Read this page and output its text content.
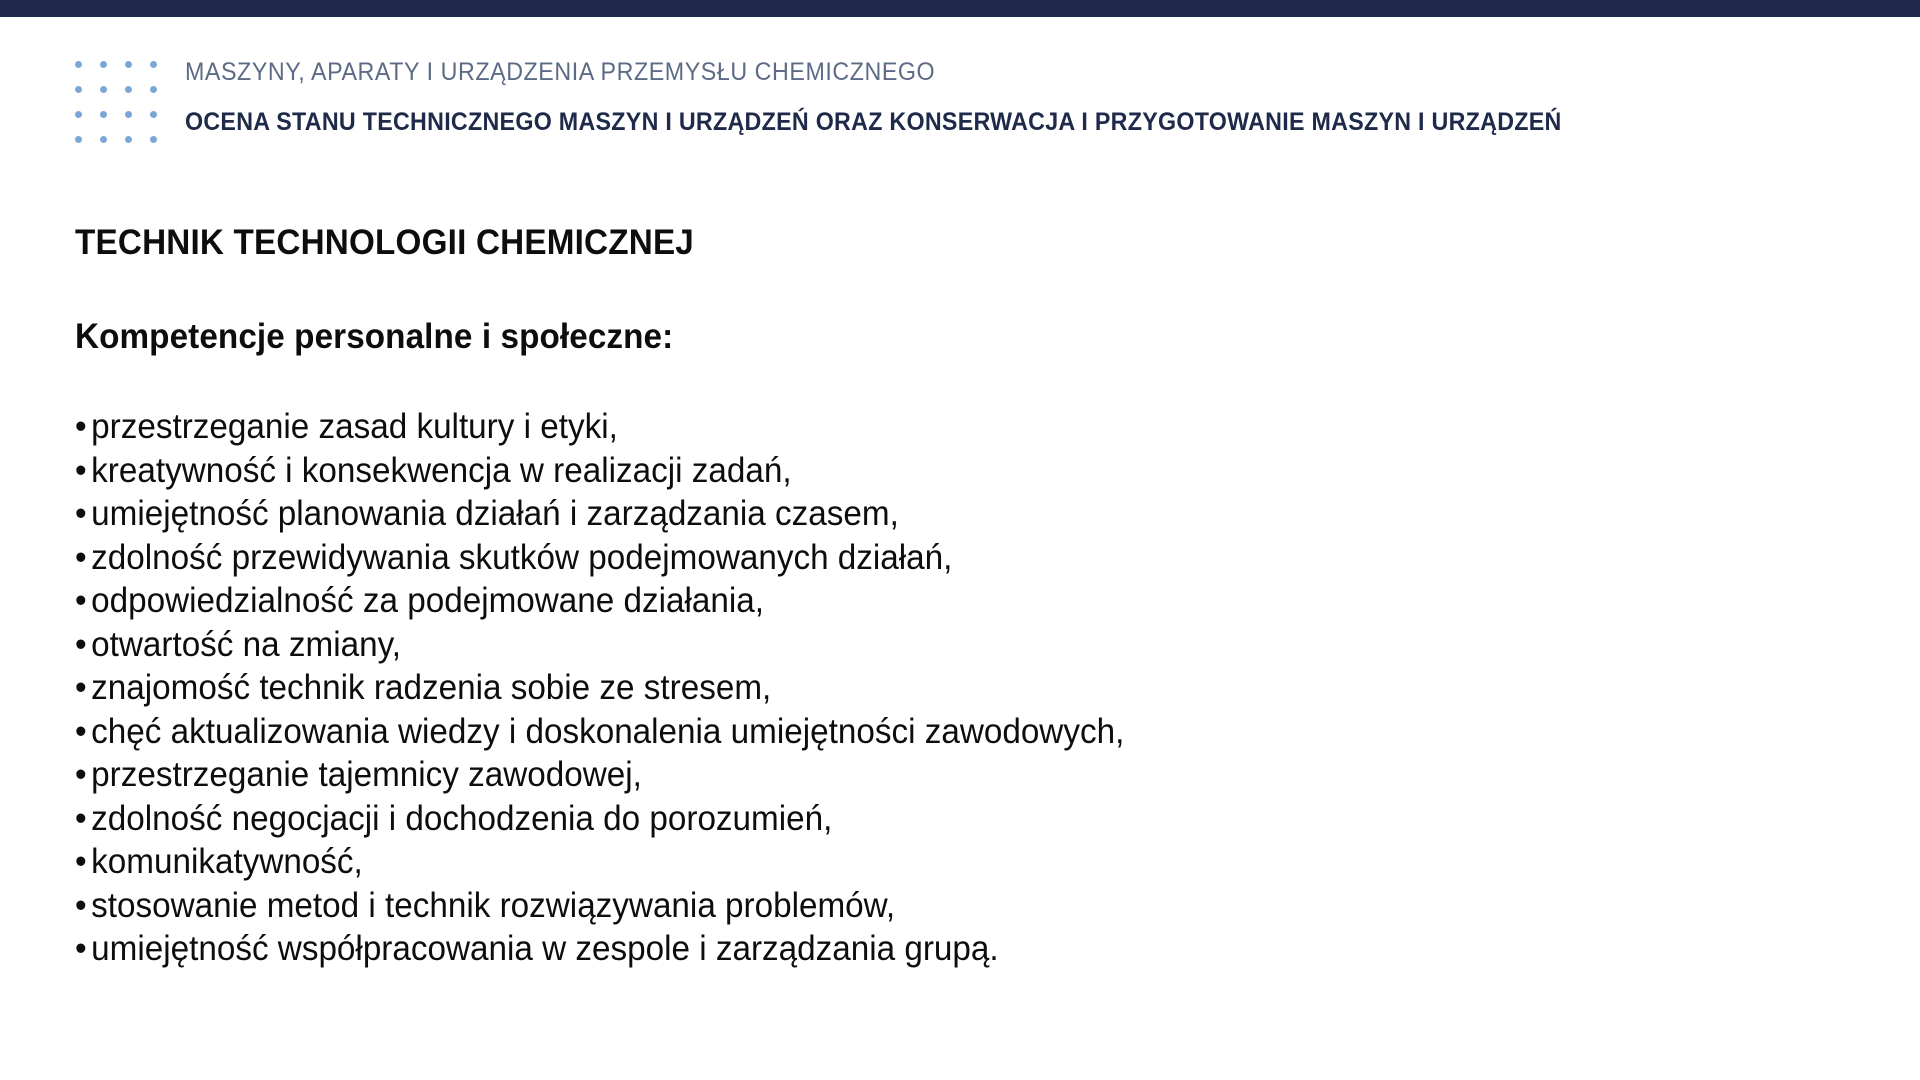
MASZYNY, APARATY I URZĄDZENIA PRZEMYSŁU CHEMICZNEGO
OCENA STANU TECHNICZNEGO MASZYN I URZĄDZEŃ ORAZ KONSERWACJA I PRZYGOTOWANIE MASZYN I URZĄDZEŃ
TECHNIK TECHNOLOGII CHEMICZNEJ
Kompetencje personalne i społeczne:
• przestrzeganie zasad kultury i etyki,
• kreatywność i konsekwencja w realizacji zadań,
• umiejętność planowania działań i zarządzania czasem,
• zdolność przewidywania skutków podejmowanych działań,
• odpowiedzialność za podejmowane działania,
• otwartość na zmiany,
• znajomość technik radzenia sobie ze stresem,
• chęć aktualizowania wiedzy i doskonalenia umiejętności zawodowych,
• przestrzeganie tajemnicy zawodowej,
• zdolność negocjacji i dochodzenia do porozumień,
• komunikatywność,
• stosowanie metod i technik rozwiązywania problemów,
• umiejętność współpracowania w zespole i zarządzania grupą.
